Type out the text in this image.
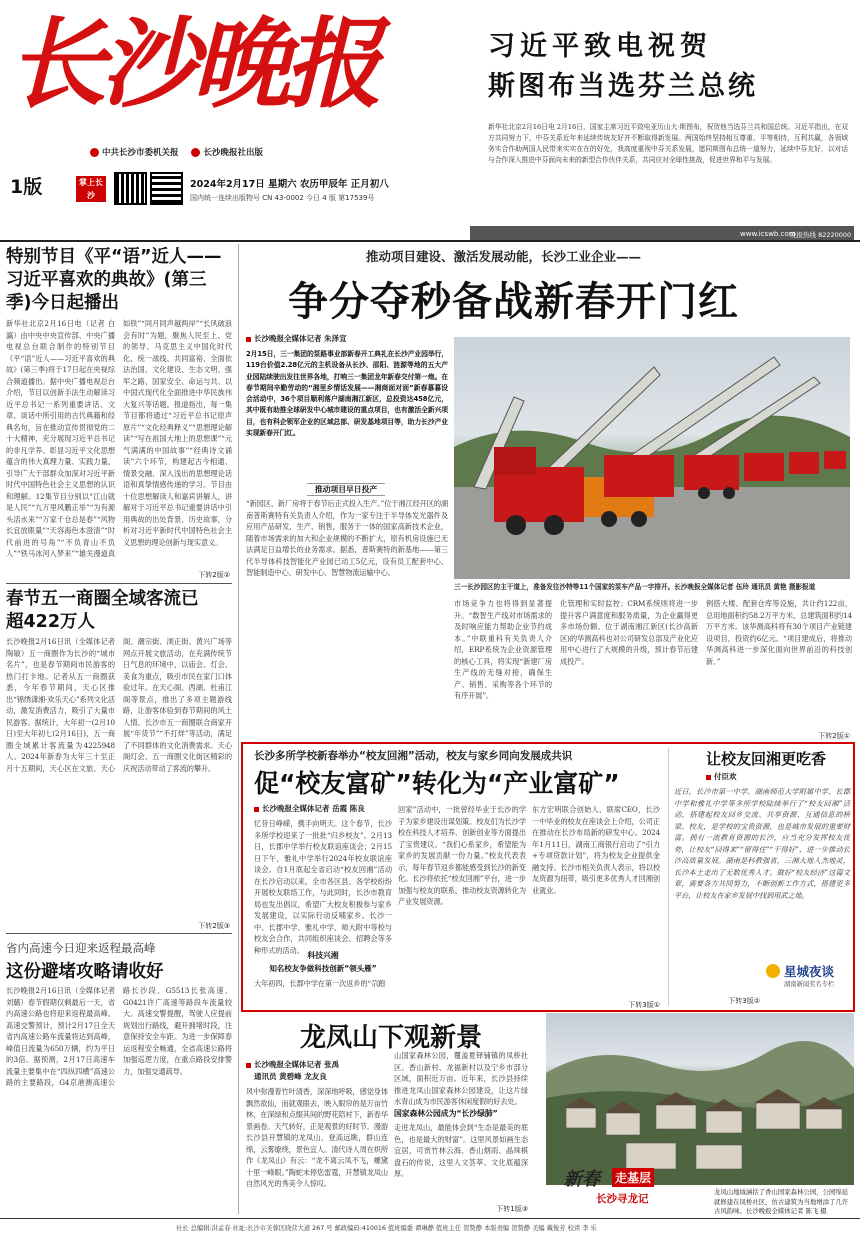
长沙晚报
中共长沙市委机关报	长沙晚报社出版
1版	掌上长沙
2024年2月17日 星期六 农历甲辰年 正月初八
国内统一连续出版物号 CN 43-0002 今日 4 版 第17539号
习近平致电祝贺
斯图布当选芬兰总统
新华社北京2月16日电 2月16日，国家主席习近平致电亚历山大·斯图布，祝贺他当选芬兰共和国总统。习近平指出，在双方共同努力下，中芬关系近年来延续传统友好并不断取得新发展。两国始终坚持相互尊重、平等相待，互利共赢，各领域务实合作助两国人民带来实实在在的好处，我高度重视中芬关系发展，愿同斯图布总统一道努力，延续中芬友好，以对话与合作深入推进中芬面向未来的新型合作伙伴关系，共同应对全球性挑战，促进世界和平与发展。
www.icswb.com
晚报热线 82220000
特别节目《平“语”近人——习近平喜欢的典故》(第三季)今日起播出
新华社北京2月16日电（记者 白瀛）由中央中央宣传部、中央广播电视总台联合制作的特别节目《平“语”近人——习近平喜欢的典故》(第三季)将于17日起在央视综合频道播出。据中央广播电视总台介绍，节目以创新手法生动解读习近平总书记一系列重要讲话、文章、谈话中所引用的古代典籍和经典名句，旨在推动宣传贯彻党的二十大精神，充分展现习近平总书记的非凡学养、彰显习近平文化思想蕴含的伟大真理力量、实践力量，引导广大干部群众加深对习近平新时代中国特色社会主义思想的认识和理解。12集节目分别以“江山就是人民”“九万里风鹏正举”“为有源头活水来”“万家千仓总是春”“风物长宜放眼量”“天容海色本澄清”“时代前进的号角”“不负青山不负人”“铁马冰河入梦来”“雄关漫道真如铁”“同月同声越两岸”“长风破浪会有时”为题，聚焦人民至上、党的领导、马克思主义中国化时代化、统一战线、共同富裕、全面依法治国、文化建设、生态文明、强军之路、国家安全、命运与共、以中国式现代化全面推进中华民族伟大复兴等话题。报道指出，每一集节目都将通过“习近平总书记原声原片”“文化经典释义”“思想理论解读”“写在祖国大地上的思想课”“元气满满的中国故事”“经典诗文诵读”六个环节，构建起古今相通、情景交融、深入浅出的思想理论话语和真挚情感传递的学习。节目由十位思想解读人和嘉宾讲解人，讲解对于习近平总书记重要讲话中引用典故的出处背景、历史故事，分析对习近平新时代中国特色社会主义思想的理论创新与现实意义。
下转2版②
春节五一商圈全域客流已超422万人
长沙晚报2月16日讯（全媒体记者 陶敏）五一商圈作为长沙的“城市名片”，也是春节期间市民游客的热门打卡地。记者从五一商圈获悉，今年春节期间，天心区推出“锦绣潇湘·欢乐天心”系列文化活动，激发消费活力，吸引了大量市民游客。据统计，大年初一(2月10日)至大年初七(2月16日)，五一商圈全域累计客流量为4225948人。2024年新春为大年三十至正月十五期间，天心区在文旅、天心阁、潮宗街、浏正街、黄兴广场等网点开展文旅活动，在充满传统节日气息的环境中，以庙会、灯会、美食为重点，吸引市民在家门口体验过年。在天心阁、西湖、杜甫江阁等景点，推出了多项主题游线路，让游客体验到春节期间的风土人情。长沙市五一商圈联合商家开展“年货节”“不打烊”等活动，满足了不同群体的文化消费需求。天心阁灯会、五一商圈文化街区精彩的庆祝活动带动了客流的攀升。
下转2版③
省内高速今日迎来返程最高峰
这份避堵攻略请收好
长沙晚报2月16日讯（全媒体记者 刘璐）春节假期仅剩最后一天，省内高速公路也将迎来返程最高峰。高速交警预计，预计2月17日全天省内高速公路车流量将达到高峰，峰值日流量为650万辆，约为平日的3倍。据预测，2月17日高速车流量主要集中在“四纵四横”高速公路的主要路段，G4京港澳高速公路长沙段、G5513长张高速、G0421许广高速等路段车流量较大。高速交警提醒，驾驶人应提前规划出行路线，避开拥堵时段，注意保持安全车距。为进一步保障春运返程安全畅通，全省高速公路将加强巡逻力度，在重点路段安排警力，加强交通疏导。
推动项目建设、激活发展动能，长沙工业企业——
争分夺秒备战新春开门红
长沙晚报全媒体记者 朱泽宣
2月15日，三一集团的泵路事业部新春开工典礼在长沙产业园举行，119台价值2.28亿元的主机设备从长沙、邵阳、涟源等地的五大产业园陆续驶出发往世界各地，打响三一集团龙年新春交付第一炮。在春节期间辛勤劳动的“湘里乡情话发展——湘商面对面”新春慕暮设会活动中，36个项目顺利落户湖南湘江新区，总投资达458亿元，其中既有助推全球研发中心城市建设的重点项目，也有激活全新兴项目，也有科企领军企业的区域总部、研发基地项目等，助力长沙产业实现新春开门红。
推动项目早日投产
“新园区、新厂房将于春节后正式投入生产。”位于湘江经开区的湖南普斯赛特有关负责人介绍，作为一家专注于半导体发光器件及应用产品研发、生产、销售，服务于一体的国家高新技术企业，随着市场需求的加大和企业规模的不断扩大，原有机房设施已无法满足日益增长的业务需求。据悉，普斯赛特的新基地——第三代半导体科技智能化产业园已动工5亿元，设有员工配套中心、智能制造中心、研发中心、智慧物流运输中心。
三一长沙园区的主干道上，准备发往沙特等11个国家的泵车产品一字排开。长沙晚报全媒体记者 伍玲 通讯员 黄艳 摄影报道
市场竞争力也将得到显著提升。“数智生产线对市场需求的及时响应能力帮助企业节约成本。”中联重科有关负责人介绍，ERP系统为企业资源管理的核心工具，将实现“新建厂房生产线的无缝对接，确保生产、销售、采购等各个环节的有序开展”。
化管理和实时监控；CRM系统则将进一步提升客户满意度和服务质量，为企业赢得更多市场份额。位于湖南湘江新区(长沙高新区)的华测高科也对公司研发总部及产业化应用中心进行了大规模的升级，预计春节后建成投产。
例搭大楼、配套仓库等设施，共计约122亩，总用地面积约58.2万平方米，总建筑面积约14万平方米。该华测高科将有30个项目产业链建设项目，投资约6亿元。“项目建成后，将推动华测高科进一步深化面向世界前沿的科技创新。”
下转2版①
长沙多所学校新春举办“校友回湘”活动，校友与家乡同向发展成共识
促“校友富矿”转化为“产业富矿”
长沙晚报全媒体记者 岳霞 陈良
忆昔日峥嵘，携手向明天。这个春节，长沙多所学校迎来了一批批“归乡校友”。2月13日，长郡中学举行校友联谊座谈会；2月15日下午，雅礼中学举行2024年校友联谊座谈会。自1月底起全省启动“校友回湘”活动在长沙启动以来，全市各区县、各学校纷纷开展校友联络工作，与此同时，长沙市教育局也发出倡议，希望广大校友积极参与家乡发展建设，以实际行动反哺家乡。长沙一中、长郡中学、雅礼中学、师大附中等校与校友会合作，共同组织座谈会、招聘会等多种形式的活动。
科技兴湘
知名校友争做科技创新“领头雁”
大年初四，长郡中学在第一次返乡的“尕跑
回家”活动中，一批曾经毕业于长沙的学子为家乡建设出谋划策。校友们为长沙学校在科技人才培养、创新创业等方面提出了宝贵建议。“我们心系家乡，希望能为家乡的发展贡献一份力量。”校友代表表示，每年春节返乡都能感受到长沙的新变化。长沙将依托“校友回湘”平台，进一步加强与校友的联系，推动校友资源转化为产业发展资源。
东方宏明联合创始人、联席CEO，长沙一中毕业的校友在座谈会上介绍，公司正在推动在长沙布局新的研发中心。2024年1月11日，湖南工商银行启动了“引力+专项贷款计划”，将为校友企业提供金融支持。长沙市相关负责人表示，将以校友资源为纽带，吸引更多优秀人才回湘创业就业。
下转3版①
让校友回湘更吃香
付臣欢
近日，长沙市第一中学、湖南师范大学附属中学、长郡中学和雅礼中学等多所学校陆续举行了“校友回湘”活动，搭建起校友回乡交流、共享资源、互通信息的桥梁。校友，是学校的宝贵资源，也是城市发展的重要财富。拥有一流教育资源的长沙，应当充分发挥校友优势，让校友“回得来”“留得住”“干得好”，进一步推动长沙高质量发展。湖南是科教强省，三湘大地人杰地灵，长沙本土走出了无数优秀人才。做好“校友经济”这篇文章，需要各方共同努力，不断创新工作方式，搭建更多平台，让校友在家乡发展中找到用武之地。
星城夜谈
湖南新闻奖名专栏
下转3版②
龙凤山下观新景
长沙晚报全媒体记者 张禹
通讯员 黄碧峰 龙友良
风中弥漫着竹叶清香，深深地呼吸，感觉身体飘然欲仙，而就观眼去，映入眼帘的是万亩竹林，在深绿和点缀其间的野花陪衬下，新春华景画卷。天气转好，正是观景的好时节。漫游长沙县开慧镇的龙凤山，登高远眺，群山连绵，云雾缭绕，景色宜人。清代诗人周在炽所作《龙凤山》有云：“龙不离云凤不飞，螺黛十里一峰眼。”陶蛇未停您雷霆，开慧镇龙凤山自然风光的秀美令人惊叹。
山国家森林公园，覆盖夏铎铺镇的凤桥社区、香山新村、龙福新村以及宁乡市部分区域，面积近万亩。近年来，长沙县持续推进龙凤山国家森林公园建设，让这片绿水青山成为市民游客休闲度假的好去处。
国家森林公园成为“长沙绿肺”
走进龙凤山，最能体会到“生态是最美的底色，也是最大的财富”。这里风景如画生态宜居，可赏竹林云海、香山烟雨、晶珠棋盘石的传说，这里人文荟萃、文化底蕴深厚。
下转1版③
新春 走基层
长沙寻龙记
龙凤山地域涵括了香山国家森林公园，公园绵延就修建在凤桥社区，仿古建筑为当地增添了几许古风韵味。长沙晚报全媒体记者 陈飞 摄
社长 总编辑:洪孟春 社址:长沙市芙蓉区晓营大道 267 号 邮政编码:410016 值班编委 谭琳静 值班主任 贺赞静 本版责编 贺赞静 美编 戴俊芳 校读 李 乐
